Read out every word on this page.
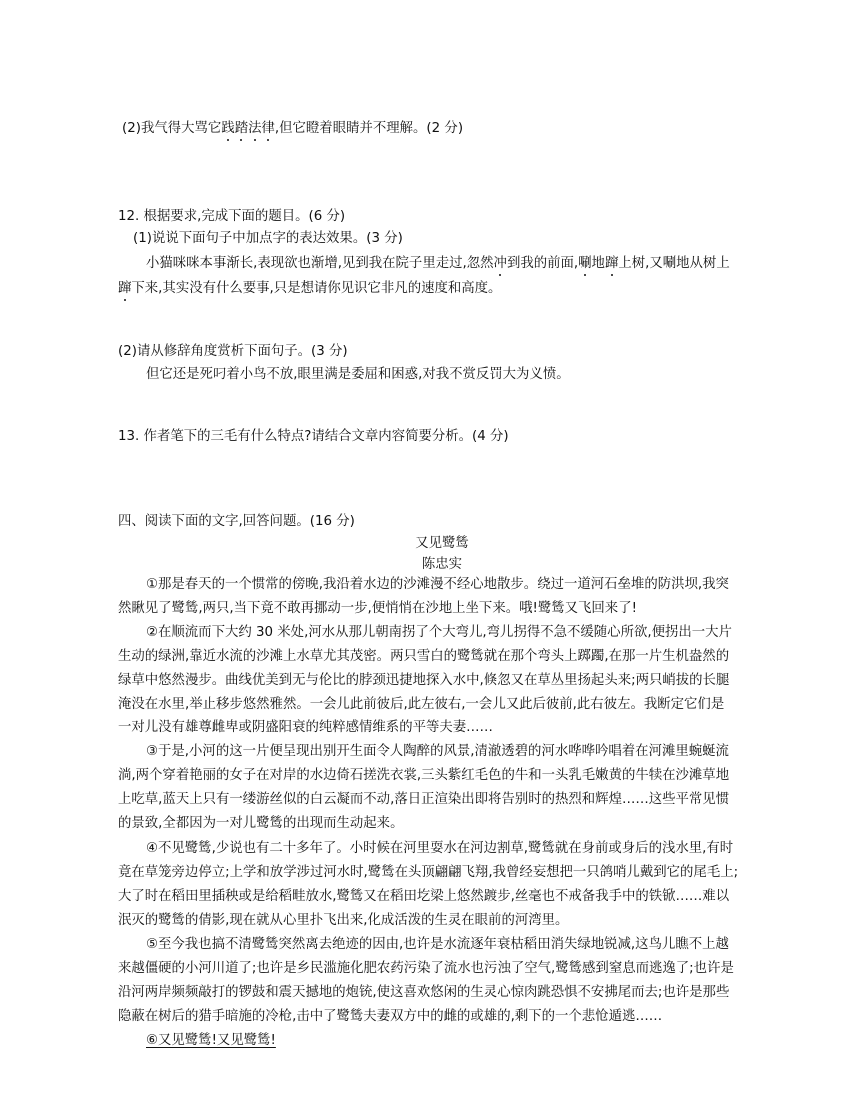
(2)我气得大骂它践踏法律,但它瞪着眼睛并不理解。(2 分)
12. 根据要求,完成下面的题目。(6 分)
(1)说说下面句子中加点字的表达效果。(3 分)
小猫咪咪本事渐长,表现欲也渐增,见到我在院子里走过,忽然冲到我的前面,唰地蹿上树,又唰地从树上
蹿下来,其实没有什么要事,只是想请你见识它非凡的速度和高度。
(2)请从修辞角度赏析下面句子。(3 分)
但它还是死叼着小鸟不放,眼里满是委屈和困惑,对我不赏反罚大为义愤。
13. 作者笔下的三毛有什么特点?请结合文章内容简要分析。(4 分)
四、阅读下面的文字,回答问题。(16 分)
又见鹭鸶
陈忠实
①那是春天的一个惯常的傍晚,我沿着水边的沙滩漫不经心地散步。绕过一道河石垒堆的防洪坝,我突
然瞅见了鹭鸶,两只,当下竟不敢再挪动一步,便悄悄在沙地上坐下来。哦!鹭鸶又飞回来了!
②在顺流而下大约 30 米处,河水从那儿朝南拐了个大弯儿,弯儿拐得不急不缓随心所欲,便拐出一大片
生动的绿洲,靠近水流的沙滩上水草尤其茂密。两只雪白的鹭鸶就在那个弯头上踯躅,在那一片生机盎然的
绿草中悠然漫步。曲线优美到无与伦比的脖颈迅捷地探入水中,倏忽又在草丛里扬起头来;两只峭拔的长腿
淹没在水里,举止移步悠然雅然。一会儿此前彼后,此左彼右,一会儿又此后彼前,此右彼左。我断定它们是
一对儿没有雄尊雌卑或阴盛阳衰的纯粹感情维系的平等夫妻……
③于是,小河的这一片便呈现出别开生面令人陶醉的风景,清澈透碧的河水哗哗吟唱着在河滩里蜿蜒流
淌,两个穿着艳丽的女子在对岸的水边倚石搓洗衣裳,三头紫红毛色的牛和一头乳毛嫩黄的牛犊在沙滩草地
上吃草,蓝天上只有一缕游丝似的白云凝而不动,落日正渲染出即将告别时的热烈和辉煌……这些平常见惯
的景致,全都因为一对儿鹭鸶的出现而生动起来。
④不见鹭鸶,少说也有二十多年了。小时候在河里耍水在河边割草,鹭鸶就在身前或身后的浅水里,有时
竟在草笼旁边停立;上学和放学涉过河水时,鹭鸶在头顶翩翩飞翔,我曾经妄想把一只鸽哨儿戴到它的尾毛上;
大了时在稻田里插秧或是给稻畦放水,鹭鸶又在稻田圪梁上悠然踱步,丝毫也不戒备我手中的铁锨……难以
泯灭的鹭鸶的倩影,现在就从心里扑飞出来,化成活泼的生灵在眼前的河湾里。
⑤至今我也搞不清鹭鸶突然离去绝迹的因由,也许是水流逐年衰枯稻田消失绿地锐减,这鸟儿瞧不上越
来越僵硬的小河川道了;也许是乡民滥施化肥农药污染了流水也污浊了空气,鹭鸶感到窒息而逃逸了;也许是
沿河两岸频频敲打的锣鼓和震天撼地的炮铳,使这喜欢悠闲的生灵心惊肉跳恐惧不安拂尾而去;也许是那些
隐蔽在树后的猎手暗施的冷枪,击中了鹭鸶夫妻双方中的雌的或雄的,剩下的一个悲怆遁逃……
⑥又见鹭鸶!又见鹭鸶!
